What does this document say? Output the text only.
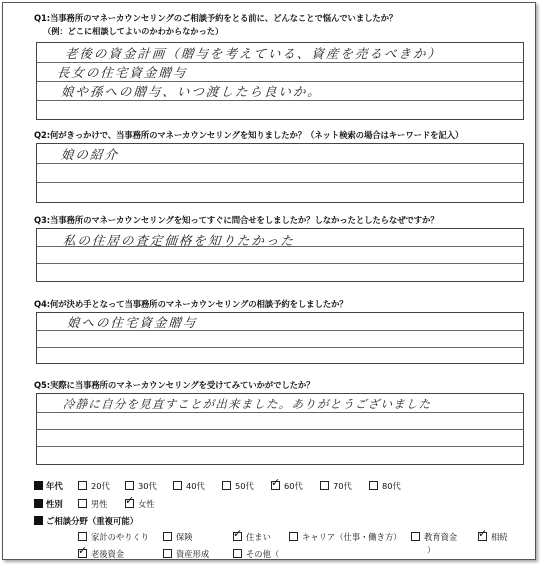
Q1:当事務所のマネーカウンセリングのご相談予約をとる前に、どんなことで悩んでいましたか？
（例：どこに相談してよいのかわからなかった）
老後の資金計画（贈与を考えている、資産を売るべきか）
長女の住宅資金贈与
娘や孫への贈与、いつ渡したら良いか。
Q2:何がきっかけで、当事務所のマネーカウンセリングを知りましたか？（ネット検索の場合はキーワードを記入）
娘の紹介
Q3:当事務所のマネーカウンセリングを知ってすぐに問合せをしましたか？しなかったとしたらなぜですか？
私の住居の査定価格を知りたかった
Q4:何が決め手となって当事務所のマネーカウンセリングの相談予約をしましたか？
娘への住宅資金贈与
Q5:実際に当事務所のマネーカウンセリングを受けてみていかがでしたか？
冷静に自分を見直すことが出来ました。ありがとうございました
年代	20代	30代	40代	50代 ✓ 60代	70代	80代
性別	男性 ✓ 女性
ご相談分野（重複可能）
家計のやりくり	保険	✓ 住まい	キャリア（仕事・働き方）	教育資金 ✓ 相続
✓ 老後資金	資産形成	その他（	）
